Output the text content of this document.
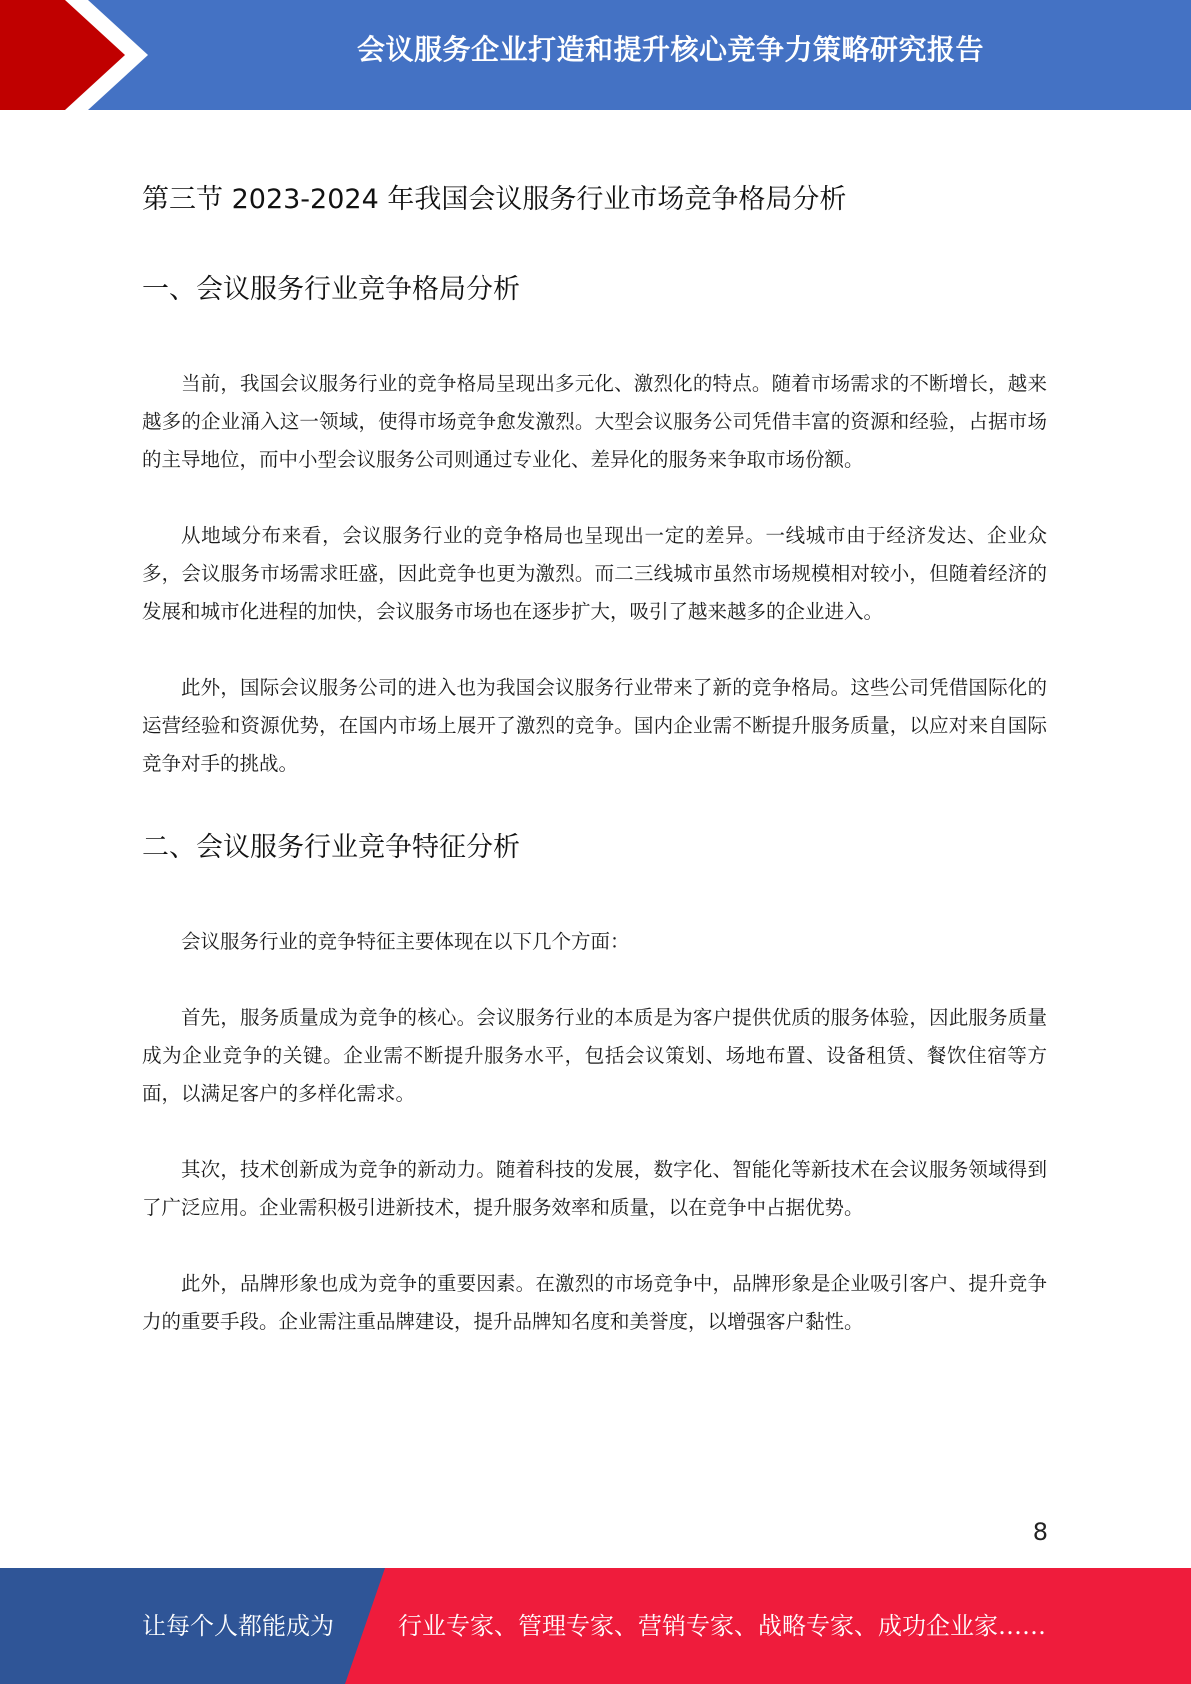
会议服务企业打造和提升核心竞争力策略研究报告
第三节 2023-2024 年我国会议服务行业市场竞争格局分析
一、会议服务行业竞争格局分析

当前，我国会议服务行业的竞争格局呈现出多元化、激烈化的特点。随着市场需求的不断增长，越来越多的企业涌入这一领域，使得市场竞争愈发激烈。大型会议服务公司凭借丰富的资源和经验，占据市场的主导地位，而中小型会议服务公司则通过专业化、差异化的服务来争取市场份额。

从地域分布来看，会议服务行业的竞争格局也呈现出一定的差异。一线城市由于经济发达、企业众多，会议服务市场需求旺盛，因此竞争也更为激烈。而二三线城市虽然市场规模相对较小，但随着经济的发展和城市化进程的加快，会议服务市场也在逐步扩大，吸引了越来越多的企业进入。

此外，国际会议服务公司的进入也为我国会议服务行业带来了新的竞争格局。这些公司凭借国际化的运营经验和资源优势，在国内市场上展开了激烈的竞争。国内企业需不断提升服务质量，以应对来自国际竞争对手的挑战。

二、会议服务行业竞争特征分析

会议服务行业的竞争特征主要体现在以下几个方面：

首先，服务质量成为竞争的核心。会议服务行业的本质是为客户提供优质的服务体验，因此服务质量成为企业竞争的关键。企业需不断提升服务水平，包括会议策划、场地布置、设备租赁、餐饮住宿等方面，以满足客户的多样化需求。

其次，技术创新成为竞争的新动力。随着科技的发展，数字化、智能化等新技术在会议服务领域得到了广泛应用。企业需积极引进新技术，提升服务效率和质量，以在竞争中占据优势。

此外，品牌形象也成为竞争的重要因素。在激烈的市场竞争中，品牌形象是企业吸引客户、提升竞争力的重要手段。企业需注重品牌建设，提升品牌知名度和美誉度，以增强客户黏性。

8
让每个人都能成为	行业专家、管理专家、营销专家、战略专家、成功企业家……
